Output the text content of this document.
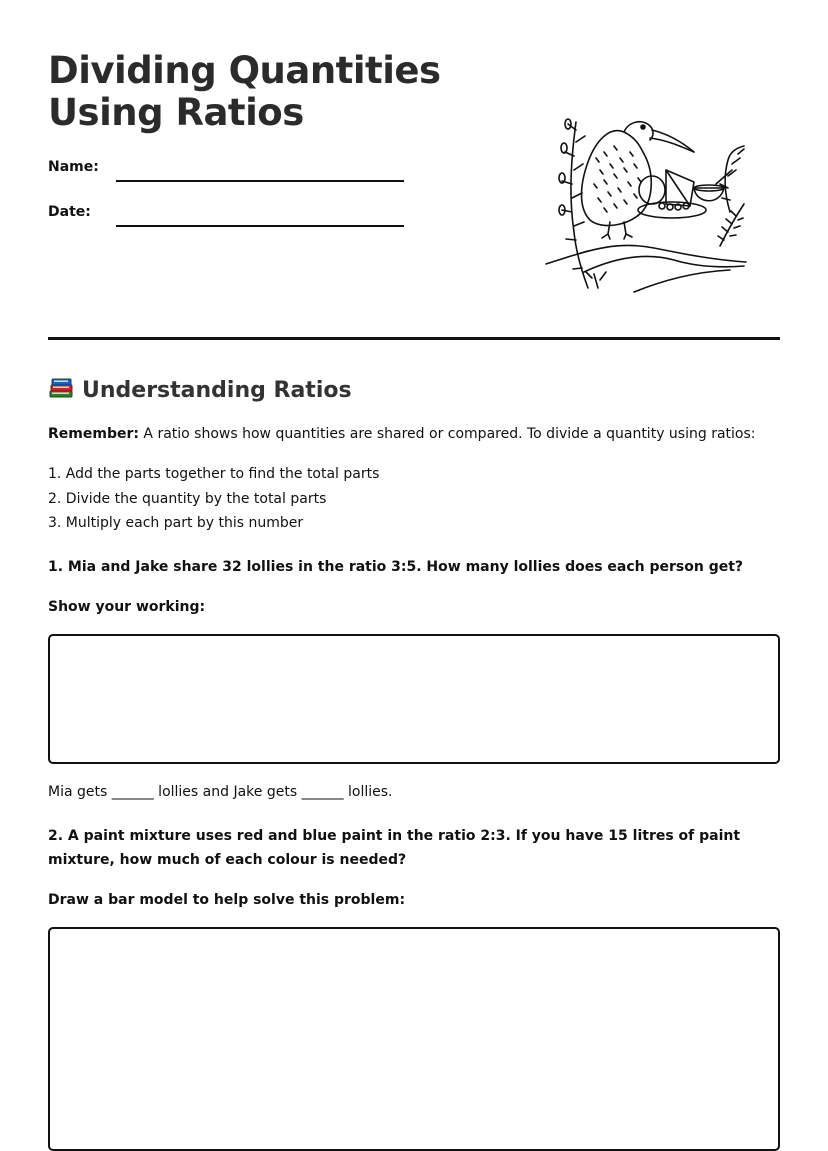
Dividing Quantities
Using Ratios
Name:
Date:
Understanding Ratios
Remember: A ratio shows how quantities are shared or compared. To divide a quantity using ratios:
1. Add the parts together to find the total parts
2. Divide the quantity by the total parts
3. Multiply each part by this number
1. Mia and Jake share 32 lollies in the ratio 3:5. How many lollies does each person get?
Show your working:
Mia gets ______ lollies and Jake gets ______ lollies.
2. A paint mixture uses red and blue paint in the ratio 2:3. If you have 15 litres of paint mixture, how much of each colour is needed?
Draw a bar model to help solve this problem:
